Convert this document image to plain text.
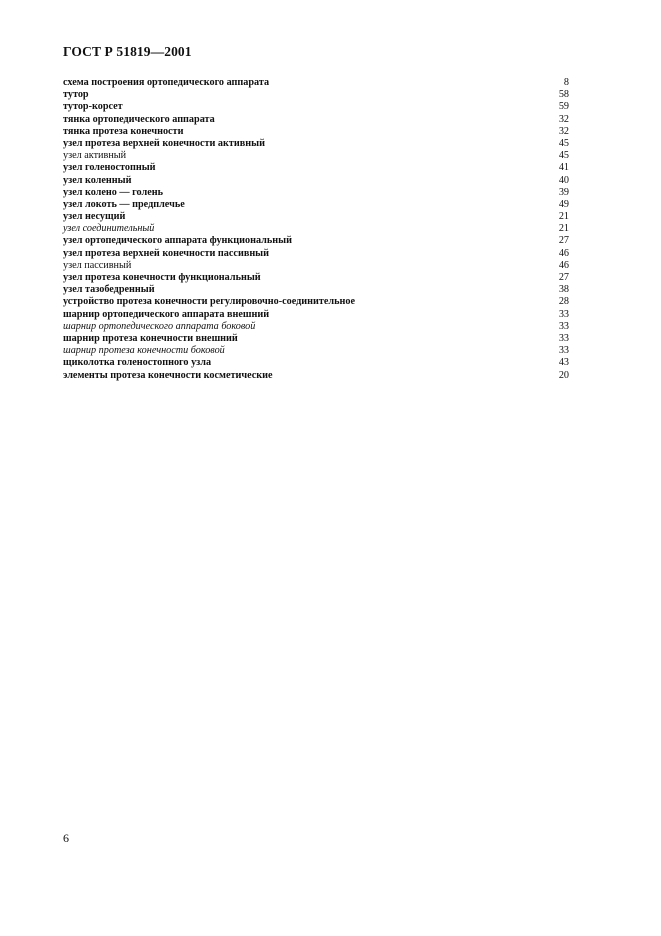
ГОСТ Р 51819—2001
схема построения ортопедического аппарата	8
тутор	58
тутор-корсет	59
тянка ортопедического аппарата	32
тянка протеза конечности	32
узел протеза верхней конечности активный	45
узел активный	45
узел голеностопный	41
узел коленный	40
узел колено — голень	39
узел локоть — предплечье	49
узел несущий	21
узел соединительный	21
узел ортопедического аппарата функциональный	27
узел протеза верхней конечности пассивный	46
узел пассивный	46
узел протеза конечности функциональный	27
узел тазобедренный	38
устройство протеза конечности регулировочно-соединительное	28
шарнир ортопедического аппарата внешний	33
шарнир ортопедического аппарата боковой	33
шарнир протеза конечности внешний	33
шарнир протеза конечности боковой	33
щиколотка голеностопного узла	43
элементы протеза конечности косметические	20
6
